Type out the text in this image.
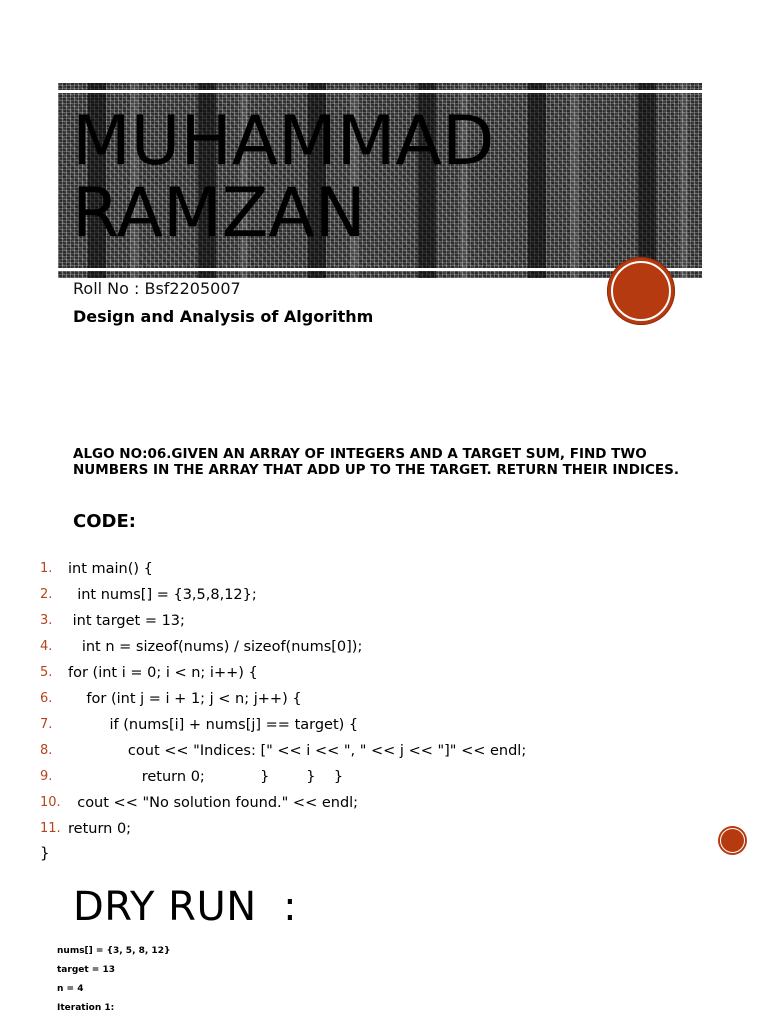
MUHAMMAD
RAMZAN
Roll No : Bsf2205007
Design and Analysis of Algorithm
ALGO NO:06.GIVEN AN ARRAY OF INTEGERS AND A TARGET SUM, FIND TWO NUMBERS IN THE ARRAY THAT ADD UP TO THE TARGET. RETURN THEIR INDICES.
CODE:
1. int main() {
2. int nums[] = {3,5,8,12};
3. int target = 13;
4. int n = sizeof(nums) / sizeof(nums[0]);
5. for (int i = 0; i < n; i++) {
6. for (int j = i + 1; j < n; j++) {
7. if (nums[i] + nums[j] == target) {
8. cout << "Indices: [" << i << ", " << j << "]" << endl;
9. return 0;            }        }    }
10. cout << "No solution found." << endl;
11. return 0;
}
DRY RUN  :
nums[] = {3, 5, 8, 12}
target = 13
n = 4
Iteration 1:
